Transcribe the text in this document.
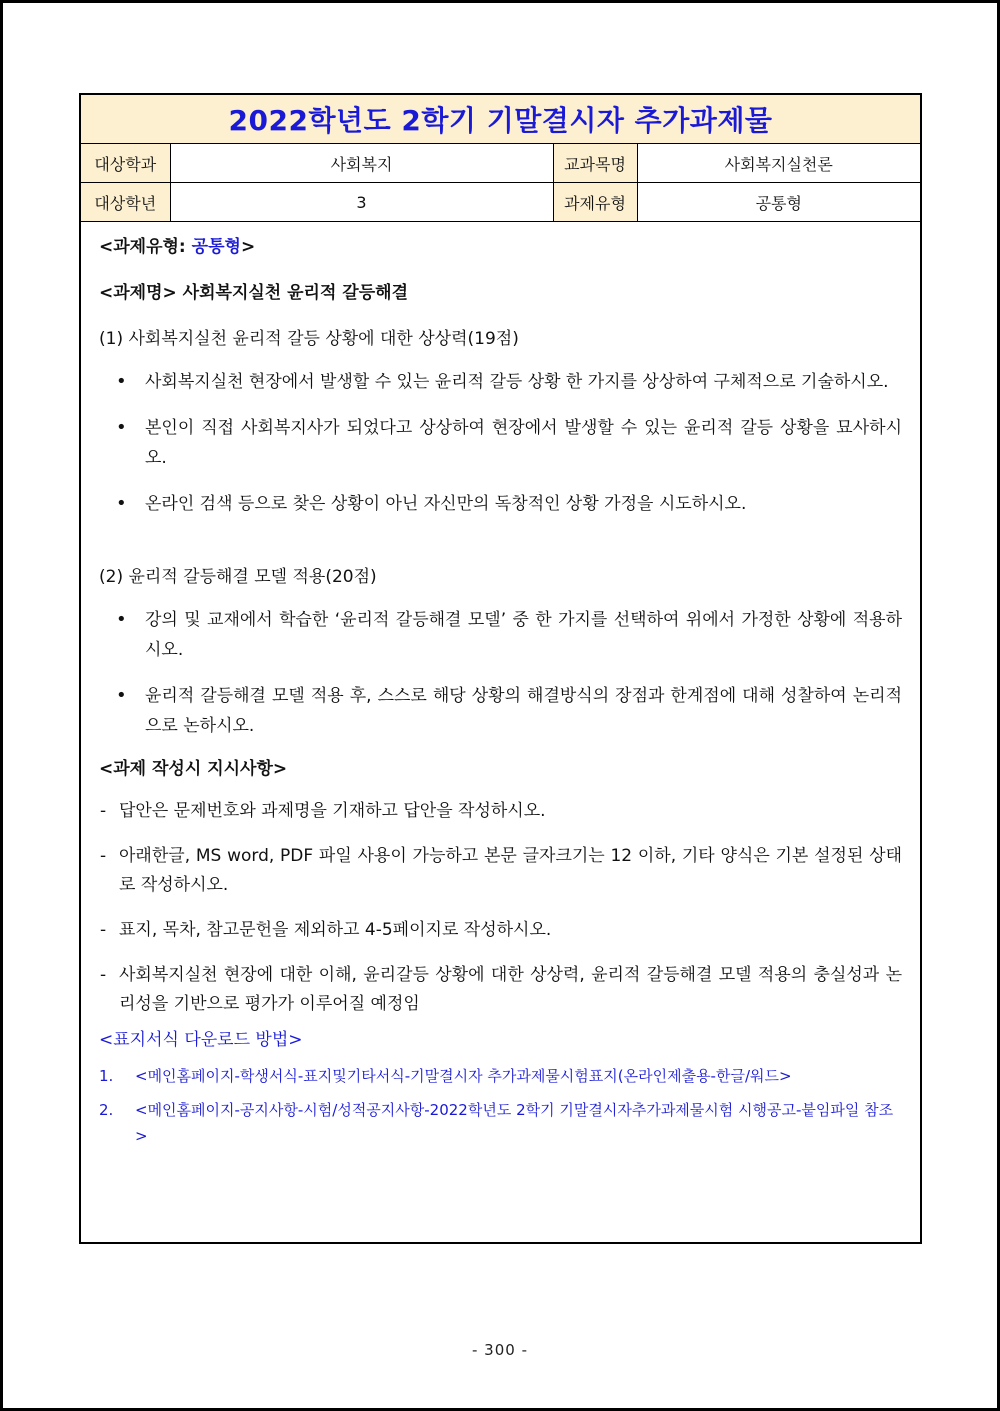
2022학년도 2학기 기말결시자 추가과제물
대상학과	사회복지	교과목명	사회복지실천론
대상학년	3	과제유형	공통형
<과제유형: 공통형>
<과제명> 사회복지실천 윤리적 갈등해결
(1) 사회복지실천 윤리적 갈등 상황에 대한 상상력(19점)
• 사회복지실천 현장에서 발생할 수 있는 윤리적 갈등 상황 한 가지를 상상하여 구체적으로 기술하시오.
• 본인이 직접 사회복지사가 되었다고 상상하여 현장에서 발생할 수 있는 윤리적 갈등 상황을 묘사하시오.
• 온라인 검색 등으로 찾은 상황이 아닌 자신만의 독창적인 상황 가정을 시도하시오.
(2) 윤리적 갈등해결 모델 적용(20점)
• 강의 및 교재에서 학습한 ‘윤리적 갈등해결 모델’ 중 한 가지를 선택하여 위에서 가정한 상황에 적용하시오.
• 윤리적 갈등해결 모델 적용 후, 스스로 해당 상황의 해결방식의 장점과 한계점에 대해 성찰하여 논리적으로 논하시오.
<과제 작성시 지시사항>
- 답안은 문제번호와 과제명을 기재하고 답안을 작성하시오.
- 아래한글, MS word, PDF 파일 사용이 가능하고 본문 글자크기는 12 이하, 기타 양식은 기본 설정된 상태로 작성하시오.
- 표지, 목차, 참고문헌을 제외하고 4-5페이지로 작성하시오.
- 사회복지실천 현장에 대한 이해, 윤리갈등 상황에 대한 상상력, 윤리적 갈등해결 모델 적용의 충실성과 논리성을 기반으로 평가가 이루어질 예정임
<표지서식 다운로드 방법>
1. <메인홈페이지-학생서식-표지및기타서식-기말결시자 추가과제물시험표지(온라인제출용-한글/워드>
2. <메인홈페이지-공지사항-시험/성적공지사항-2022학년도 2학기 기말결시자추가과제물시험 시행공고-붙임파일 참조>
- 300 -
